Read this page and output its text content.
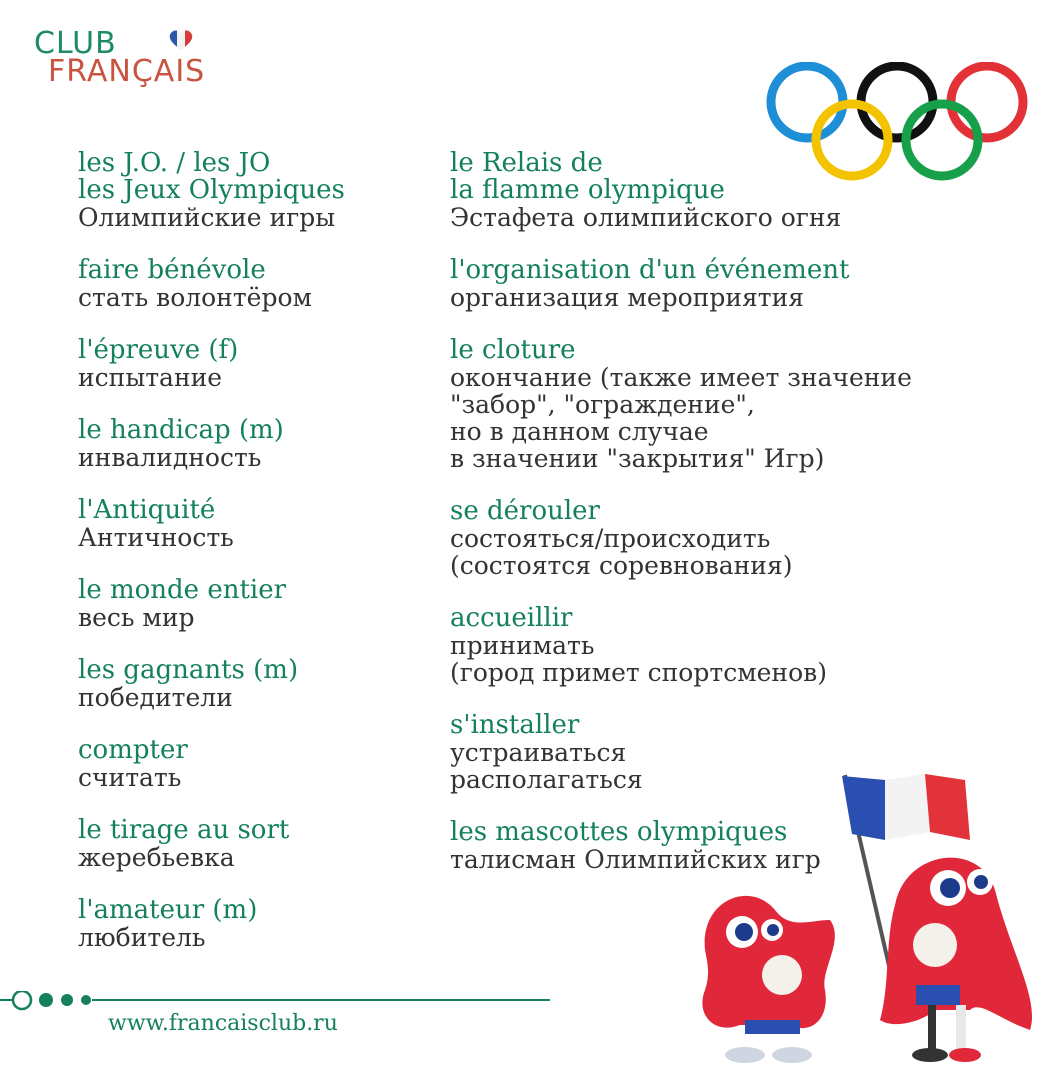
CLUB
FRANÇAIS
les J.O. / les JO
les Jeux Olympiques
Олимпийские игры
faire bénévole
стать волонтёром
l'épreuve (f)
испытание
le handicap (m)
инвалидность
l'Antiquité
Античность
le monde entier
весь мир
les gagnants (m)
победители
compter
считать
le tirage au sort
жеребьевка
l'amateur (m)
любитель
le Relais de
la flamme olympique
Эстафета олимпийского огня
l'organisation d'un événement
организация мероприятия
le cloture
окончание (также имеет значение
"забор", "ограждение",
но в данном случае
в значении "закрытия" Игр)
se dérouler
состояться/происходить
(состоятся соревнования)
accueillir
принимать
(город примет спортсменов)
s'installer
устраиваться
располагаться
les mascottes olympiques
талисман Олимпийских игр
www.francaisclub.ru
